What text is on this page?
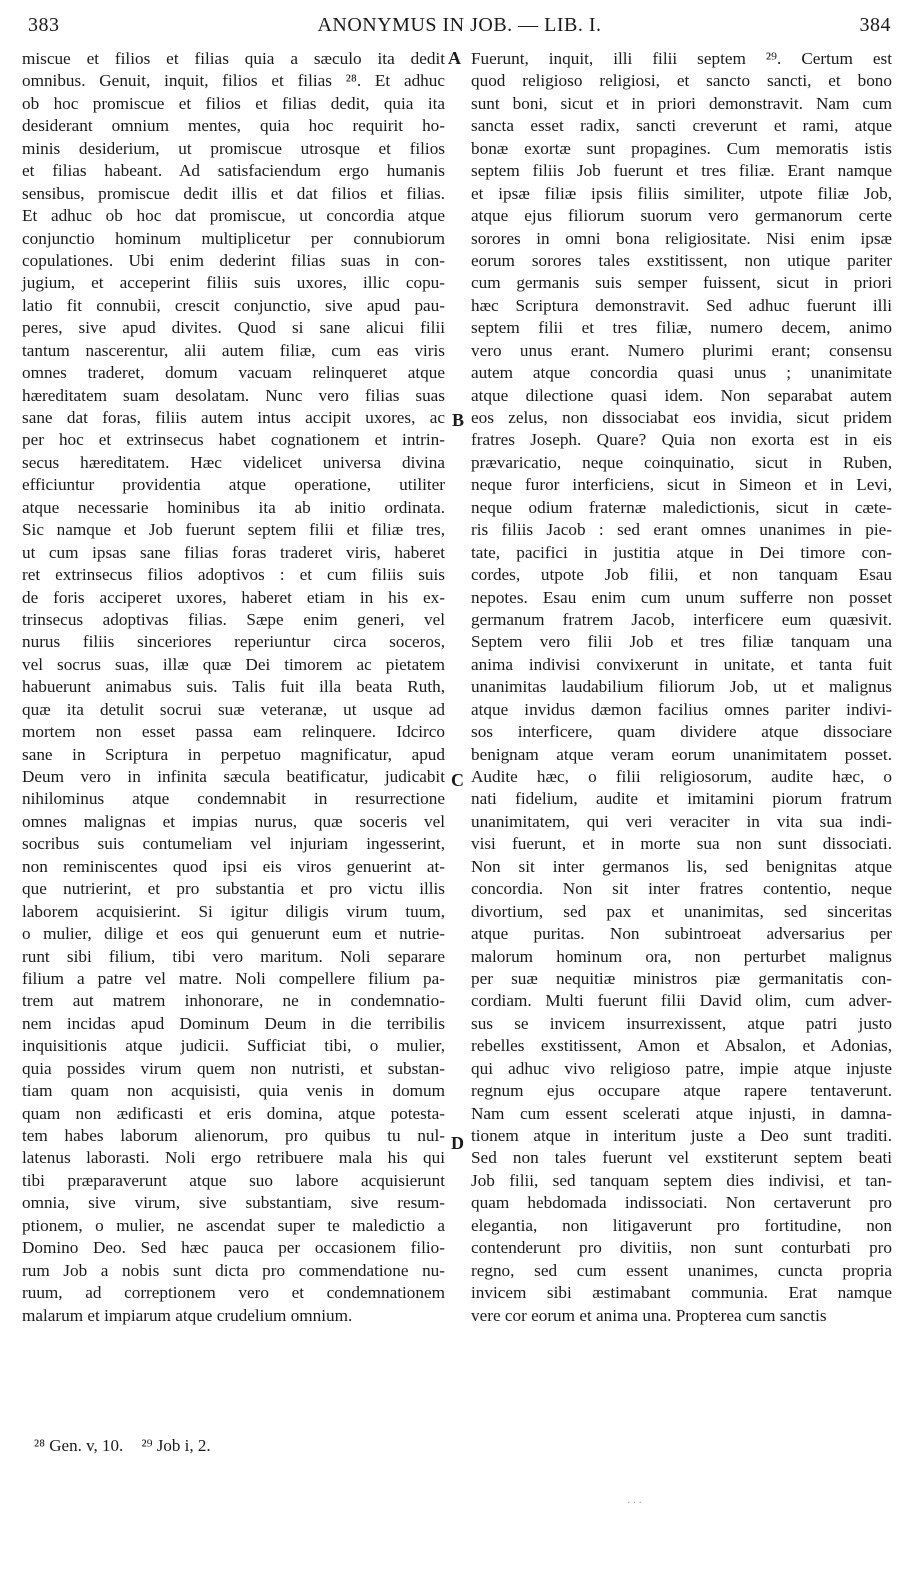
383	ANONYMUS IN JOB. — LIB. I.	384
miscue et filios et filias quia a sæculo ita dedit
omnibus. Genuit, inquit, filios et filias ²⁸. Et adhuc
ob hoc promiscue et filios et filias dedit, quia ita
desiderant omnium mentes, quia hoc requirit ho-
minis desiderium, ut promiscue utrosque et filios
et filias habeant. Ad satisfaciendum ergo humanis
sensibus, promiscue dedit illis et dat filios et filias.
Et adhuc ob hoc dat promiscue, ut concordia atque
conjunctio hominum multiplicetur per connubiorum
copulationes. Ubi enim dederint filias suas in con-
jugium, et acceperint filiis suis uxores, illic copu-
latio fit connubii, crescit conjunctio, sive apud pau-
peres, sive apud divites. Quod si sane alicui filii
tantum nascerentur, alii autem filiæ, cum eas viris
omnes traderet, domum vacuam relinqueret atque
hæreditatem suam desolatam. Nunc vero filias suas
sane dat foras, filiis autem intus accipit uxores, ac
per hoc et extrinsecus habet cognationem et intrin-
secus hæreditatem. Hæc videlicet universa divina
efficiuntur providentia atque operatione, utiliter
atque necessarie hominibus ita ab initio ordinata.
Sic namque et Job fuerunt septem filii et filiæ tres,
ut cum ipsas sane filias foras traderet viris, haberet
ret extrinsecus filios adoptivos : et cum filiis suis
de foris acciperet uxores, haberet etiam in his ex-
trinsecus adoptivas filias. Sæpe enim generi, vel
nurus filiis sinceriores reperiuntur circa soceros,
vel socrus suas, illæ quæ Dei timorem ac pietatem
habuerunt animabus suis. Talis fuit illa beata Ruth,
quæ ita detulit socrui suæ veteranæ, ut usque ad
mortem non esset passa eam relinquere. Idcirco
sane in Scriptura in perpetuo magnificatur, apud
Deum vero in infinita sæcula beatificatur, judicabit
nihilominus atque condemnabit in resurrectione
omnes malignas et impias nurus, quæ soceris vel
socribus suis contumeliam vel injuriam ingesserint,
non reminiscentes quod ipsi eis viros genuerint at-
que nutrierint, et pro substantia et pro victu illis
laborem acquisierint. Si igitur diligis virum tuum,
o mulier, dilige et eos qui genuerunt eum et nutrie-
runt sibi filium, tibi vero maritum. Noli separare
filium a patre vel matre. Noli compellere filium pa-
trem aut matrem inhonorare, ne in condemnatio-
nem incidas apud Dominum Deum in die terribilis
inquisitionis atque judicii. Sufficiat tibi, o mulier,
quia possides virum quem non nutristi, et substan-
tiam quam non acquisisti, quia venis in domum
quam non ædificasti et eris domina, atque potesta-
tem habes laborum alienorum, pro quibus tu nul-
latenus laborasti. Noli ergo retribuere mala his qui
tibi præparaverunt atque suo labore acquisierunt
omnia, sive virum, sive substantiam, sive resum-
ptionem, o mulier, ne ascendat super te maledictio a
Domino Deo. Sed hæc pauca per occasionem filio-
rum Job a nobis sunt dicta pro commendatione nu-
ruum, ad correptionem vero et condemnationem
malarum et impiarum atque crudelium omnium.
Fuerunt, inquit, illi filii septem ²⁹. Certum est
quod religioso religiosi, et sancto sancti, et bono
sunt boni, sicut et in priori demonstravit. Nam cum
sancta esset radix, sancti creverunt et rami, atque
bonæ exortæ sunt propagines. Cum memoratis istis
septem filiis Job fuerunt et tres filiæ. Erant namque
et ipsæ filiæ ipsis filiis similiter, utpote filiæ Job,
atque ejus filiorum suorum vero germanorum certe
sorores in omni bona religiositate. Nisi enim ipsæ
eorum sorores tales exstitissent, non utique pariter
cum germanis suis semper fuissent, sicut in priori
hæc Scriptura demonstravit. Sed adhuc fuerunt illi
septem filii et tres filiæ, numero decem, animo
vero unus erant. Numero plurimi erant; consensu
autem atque concordia quasi unus ; unanimitate
atque dilectione quasi idem. Non separabat autem
eos zelus, non dissociabat eos invidia, sicut pridem
fratres Joseph. Quare? Quia non exorta est in eis
prævaricatio, neque coinquinatio, sicut in Ruben,
neque furor interficiens, sicut in Simeon et in Levi,
neque odium fraternæ maledictionis, sicut in cæte-
ris filiis Jacob : sed erant omnes unanimes in pie-
tate, pacifici in justitia atque in Dei timore con-
cordes, utpote Job filii, et non tanquam Esau
nepotes. Esau enim cum unum sufferre non posset
germanum fratrem Jacob, interficere eum quæsivit.
Septem vero filii Job et tres filiæ tanquam una
anima indivisi convixerunt in unitate, et tanta fuit
unanimitas laudabilium filiorum Job, ut et malignus
atque invidus dæmon facilius omnes pariter indivi-
sos interficere, quam dividere atque dissociare
benignam atque veram eorum unanimitatem posset.
Audite hæc, o filii religiosorum, audite hæc, o
nati fidelium, audite et imitamini piorum fratrum
unanimitatem, qui veri veraciter in vita sua indi-
visi fuerunt, et in morte sua non sunt dissociati.
Non sit inter germanos lis, sed benignitas atque
concordia. Non sit inter fratres contentio, neque
divortium, sed pax et unanimitas, sed sinceritas
atque puritas. Non subintroeat adversarius per
malorum hominum ora, non perturbet malignus
per suæ nequitiæ ministros piæ germanitatis con-
cordiam. Multi fuerunt filii David olim, cum adver-
sus se invicem insurrexissent, atque patri justo
rebelles exstitissent, Amon et Absalon, et Adonias,
qui adhuc vivo religioso patre, impie atque injuste
regnum ejus occupare atque rapere tentaverunt.
Nam cum essent scelerati atque injusti, in damna-
tionem atque in interitum juste a Deo sunt traditi.
Sed non tales fuerunt vel exstiterunt septem beati
Job filii, sed tanquam septem dies indivisi, et tan-
quam hebdomada indissociati. Non certaverunt pro
elegantia, non litigaverunt pro fortitudine, non
contenderunt pro divitiis, non sunt conturbati pro
regno, sed cum essent unanimes, cuncta propria
invicem sibi æstimabant communia. Erat namque
vere cor eorum et anima una. Propterea cum sanctis
A
B
C
D
²⁸ Gen. v, 10. ²⁹ Job i, 2.
· · ·
